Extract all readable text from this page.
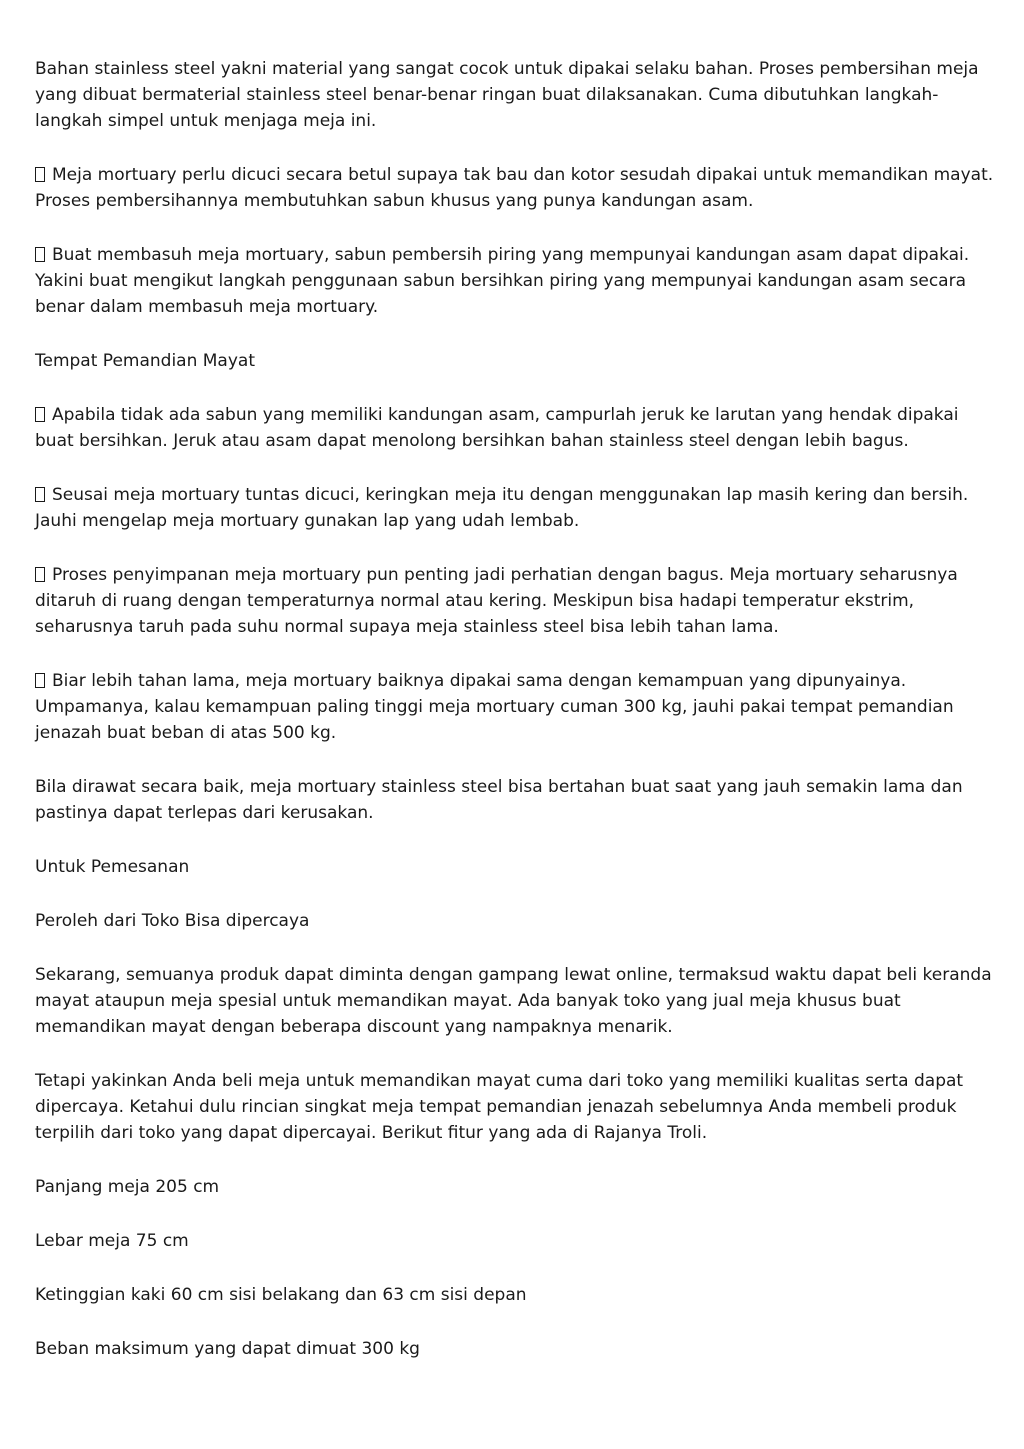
Bahan stainless steel yakni material yang sangat cocok untuk dipakai selaku bahan. Proses pembersihan meja yang dibuat bermaterial stainless steel benar-benar ringan buat dilaksanakan. Cuma dibutuhkan langkah-langkah simpel untuk menjaga meja ini.

Meja mortuary perlu dicuci secara betul supaya tak bau dan kotor sesudah dipakai untuk memandikan mayat. Proses pembersihannya membutuhkan sabun khusus yang punya kandungan asam.

Buat membasuh meja mortuary, sabun pembersih piring yang mempunyai kandungan asam dapat dipakai. Yakini buat mengikut langkah penggunaan sabun bersihkan piring yang mempunyai kandungan asam secara benar dalam membasuh meja mortuary.

Tempat Pemandian Mayat

Apabila tidak ada sabun yang memiliki kandungan asam, campurlah jeruk ke larutan yang hendak dipakai buat bersihkan. Jeruk atau asam dapat menolong bersihkan bahan stainless steel dengan lebih bagus.

Seusai meja mortuary tuntas dicuci, keringkan meja itu dengan menggunakan lap masih kering dan bersih. Jauhi mengelap meja mortuary gunakan lap yang udah lembab.

Proses penyimpanan meja mortuary pun penting jadi perhatian dengan bagus. Meja mortuary seharusnya ditaruh di ruang dengan temperaturnya normal atau kering. Meskipun bisa hadapi temperatur ekstrim, seharusnya taruh pada suhu normal supaya meja stainless steel bisa lebih tahan lama.

Biar lebih tahan lama, meja mortuary baiknya dipakai sama dengan kemampuan yang dipunyainya. Umpamanya, kalau kemampuan paling tinggi meja mortuary cuman 300 kg, jauhi pakai tempat pemandian jenazah buat beban di atas 500 kg.

Bila dirawat secara baik, meja mortuary stainless steel bisa bertahan buat saat yang jauh semakin lama dan pastinya dapat terlepas dari kerusakan.

Untuk Pemesanan

Peroleh dari Toko Bisa dipercaya

Sekarang, semuanya produk dapat diminta dengan gampang lewat online, termaksud waktu dapat beli keranda mayat ataupun meja spesial untuk memandikan mayat. Ada banyak toko yang jual meja khusus buat memandikan mayat dengan beberapa discount yang nampaknya menarik.

Tetapi yakinkan Anda beli meja untuk memandikan mayat cuma dari toko yang memiliki kualitas serta dapat dipercaya. Ketahui dulu rincian singkat meja tempat pemandian jenazah sebelumnya Anda membeli produk terpilih dari toko yang dapat dipercayai. Berikut fitur yang ada di Rajanya Troli.

Panjang meja 205 cm

Lebar meja 75 cm

Ketinggian kaki 60 cm sisi belakang dan 63 cm sisi depan

Beban maksimum yang dapat dimuat 300 kg
